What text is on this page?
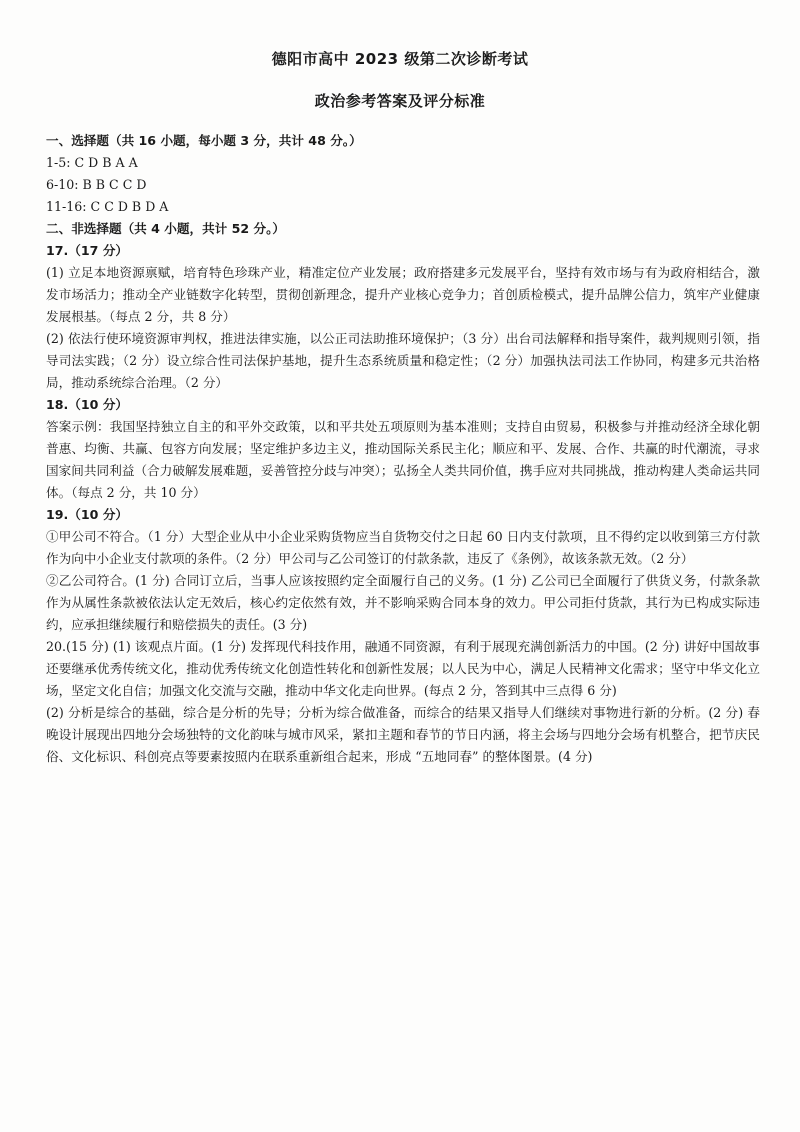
德阳市高中 2023 级第二次诊断考试
政治参考答案及评分标准
一、选择题（共 16 小题，每小题 3 分，共计 48 分。）
1-5: C D B A A
6-10: B B C C D
11-16: C C D B D A
二、非选择题（共 4 小题，共计 52 分。）
17.（17 分）
(1) 立足本地资源禀赋，培育特色珍珠产业，精准定位产业发展；政府搭建多元发展平台，坚持有效市场与有为政府相结合，激发市场活力；推动全产业链数字化转型，贯彻创新理念，提升产业核心竞争力；首创质检模式，提升品牌公信力，筑牢产业健康发展根基。（每点 2 分，共 8 分）
(2) 依法行使环境资源审判权，推进法律实施，以公正司法助推环境保护；（3 分）出台司法解释和指导案件，裁判规则引领，指导司法实践；（2 分）设立综合性司法保护基地，提升生态系统质量和稳定性；（2 分）加强执法司法工作协同，构建多元共治格局，推动系统综合治理。（2 分）
18.（10 分）
答案示例：我国坚持独立自主的和平外交政策，以和平共处五项原则为基本准则；支持自由贸易，积极参与并推动经济全球化朝普惠、均衡、共赢、包容方向发展；坚定维护多边主义，推动国际关系民主化；顺应和平、发展、合作、共赢的时代潮流，寻求国家间共同利益（合力破解发展难题，妥善管控分歧与冲突）；弘扬全人类共同价值，携手应对共同挑战，推动构建人类命运共同体。（每点 2 分，共 10 分）
19.（10 分）
①甲公司不符合。（1 分）大型企业从中小企业采购货物应当自货物交付之日起 60 日内支付款项，且不得约定以收到第三方付款作为向中小企业支付款项的条件。（2 分）甲公司与乙公司签订的付款条款，违反了《条例》，故该条款无效。（2 分）
②乙公司符合。(1 分) 合同订立后，当事人应该按照约定全面履行自己的义务。(1 分) 乙公司已全面履行了供货义务，付款条款作为从属性条款被依法认定无效后，核心约定依然有效，并不影响采购合同本身的效力。甲公司拒付货款，其行为已构成实际违约，应承担继续履行和赔偿损失的责任。(3 分)
20.(15 分) (1) 该观点片面。(1 分) 发挥现代科技作用，融通不同资源，有利于展现充满创新活力的中国。(2 分) 讲好中国故事还要继承优秀传统文化，推动优秀传统文化创造性转化和创新性发展；以人民为中心，满足人民精神文化需求；坚守中华文化立场，坚定文化自信；加强文化交流与交融，推动中华文化走向世界。(每点 2 分，答到其中三点得 6 分)
(2) 分析是综合的基础，综合是分析的先导；分析为综合做准备，而综合的结果又指导人们继续对事物进行新的分析。(2 分) 春晚设计展现出四地分会场独特的文化韵味与城市风采，紧扣主题和春节的节日内涵，将主会场与四地分会场有机整合，把节庆民俗、文化标识、科创亮点等要素按照内在联系重新组合起来，形成 “五地同春” 的整体图景。(4 分)
